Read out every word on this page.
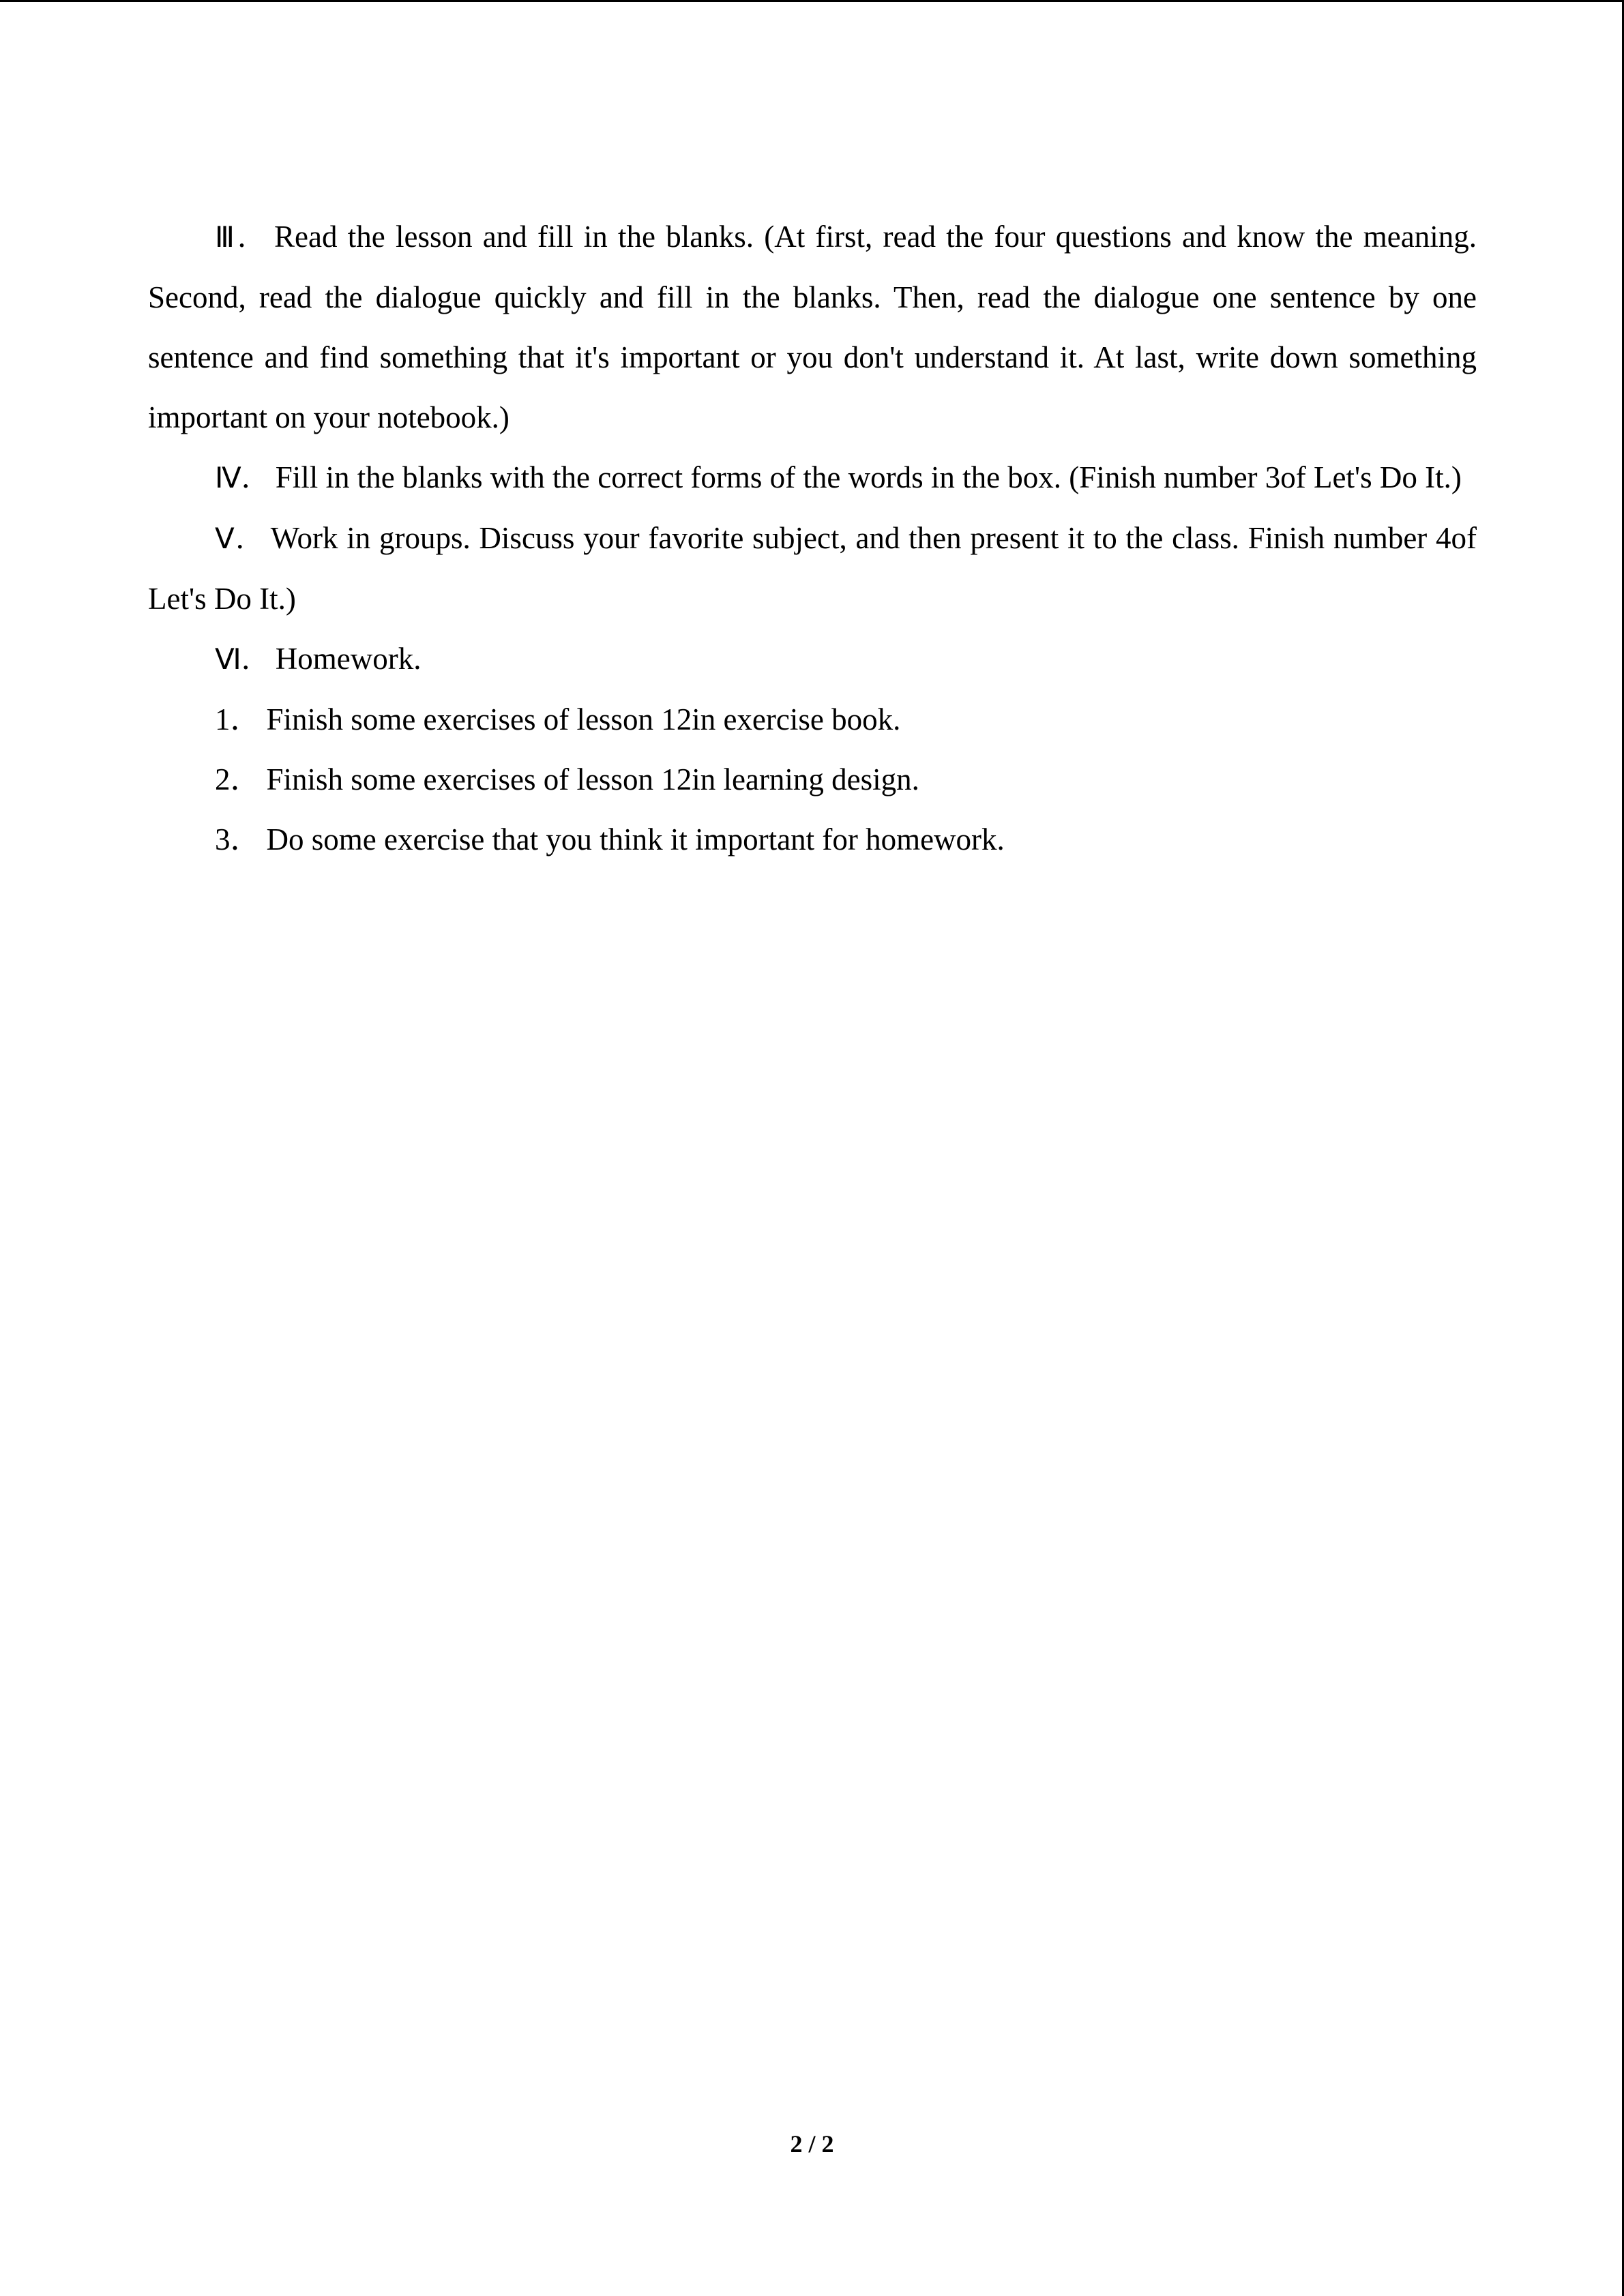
Ⅲ． Read the lesson and fill in the blanks. (At first, read the four questions and know the meaning. Second, read the dialogue quickly and fill in the blanks. Then, read the dialogue one sentence by one sentence and find something that it's important or you don't understand it. At last, write down something important on your notebook.)

Ⅳ． Fill in the blanks with the correct forms of the words in the box. (Finish number 3of Let's Do It.)

Ⅴ． Work in groups. Discuss your favorite subject, and then present it to the class. Finish number 4of Let's Do It.)

Ⅵ． Homework.

1． Finish some exercises of lesson 12in exercise book.

2． Finish some exercises of lesson 12in learning design.

3． Do some exercise that you think it important for homework.

2 / 2
